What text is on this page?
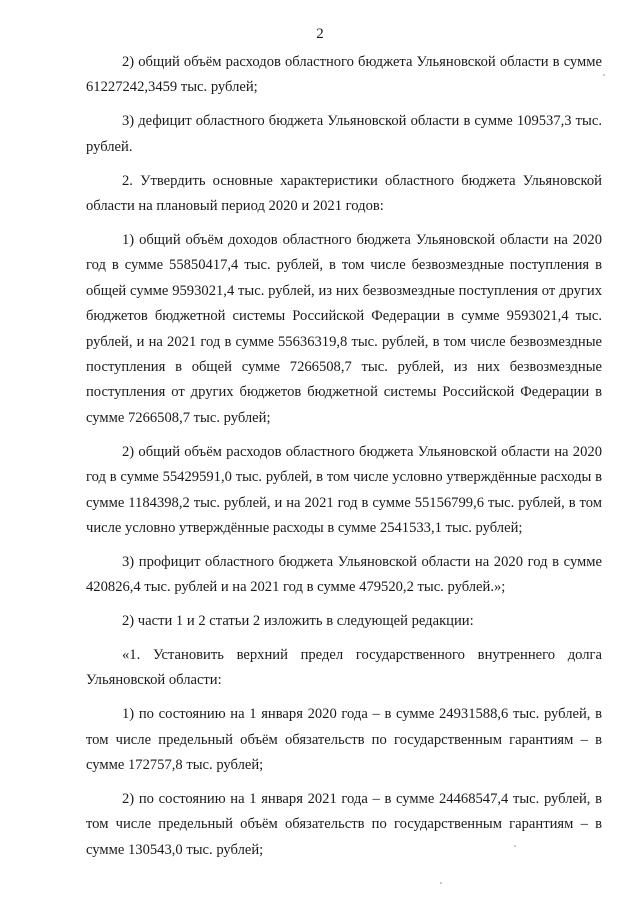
2

2) общий объём расходов областного бюджета Ульяновской области в сумме 61227242,3459 тыс. рублей;

3) дефицит областного бюджета Ульяновской области в сумме 109537,3 тыс. рублей.

2. Утвердить основные характеристики областного бюджета Ульяновской области на плановый период 2020 и 2021 годов:

1) общий объём доходов областного бюджета Ульяновской области на 2020 год в сумме 55850417,4 тыс. рублей, в том числе безвозмездные поступления в общей сумме 9593021,4 тыс. рублей, из них безвозмездные поступления от других бюджетов бюджетной системы Российской Федерации в сумме 9593021,4 тыс. рублей, и на 2021 год в сумме 55636319,8 тыс. рублей, в том числе безвозмездные поступления в общей сумме 7266508,7 тыс. рублей, из них безвозмездные поступления от других бюджетов бюджетной системы Российской Федерации в сумме 7266508,7 тыс. рублей;

2) общий объём расходов областного бюджета Ульяновской области на 2020 год в сумме 55429591,0 тыс. рублей, в том числе условно утверждённые расходы в сумме 1184398,2 тыс. рублей, и на 2021 год в сумме 55156799,6 тыс. рублей, в том числе условно утверждённые расходы в сумме 2541533,1 тыс. рублей;

3) профицит областного бюджета Ульяновской области на 2020 год в сумме 420826,4 тыс. рублей и на 2021 год в сумме 479520,2 тыс. рублей.»;

2) части 1 и 2 статьи 2 изложить в следующей редакции:

«1. Установить верхний предел государственного внутреннего долга Ульяновской области:

1) по состоянию на 1 января 2020 года – в сумме 24931588,6 тыс. рублей, в том числе предельный объём обязательств по государственным гарантиям – в сумме 172757,8 тыс. рублей;

2) по состоянию на 1 января 2021 года – в сумме 24468547,4 тыс. рублей, в том числе предельный объём обязательств по государственным гарантиям – в сумме 130543,0 тыс. рублей;
